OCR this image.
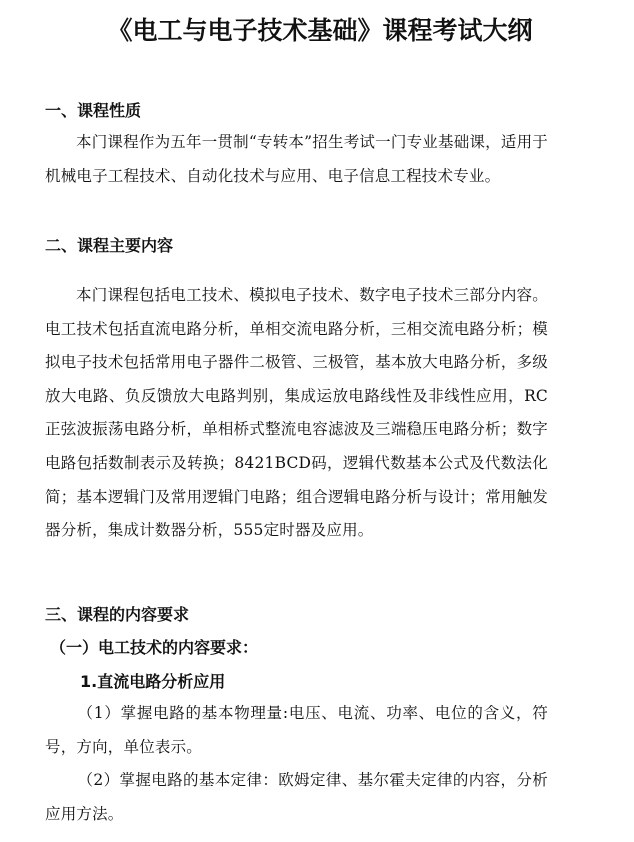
《电工与电子技术基础》课程考试大纲
一、课程性质

本门课程作为五年一贯制“专转本”招生考试一门专业基础课，适用于机械电子工程技术、自动化技术与应用、电子信息工程技术专业。

二、课程主要内容

本门课程包括电工技术、模拟电子技术、数字电子技术三部分内容。电工技术包括直流电路分析，单相交流电路分析，三相交流电路分析；模拟电子技术包括常用电子器件二极管、三极管，基本放大电路分析，多级放大电路、负反馈放大电路判别，集成运放电路线性及非线性应用，RC正弦波振荡电路分析，单相桥式整流电容滤波及三端稳压电路分析；数字电路包括数制表示及转换；8421BCD码，逻辑代数基本公式及代数法化简；基本逻辑门及常用逻辑门电路；组合逻辑电路分析与设计；常用触发器分析，集成计数器分析，555定时器及应用。

三、课程的内容要求
（一）电工技术的内容要求：
1.直流电路分析应用

（1）掌握电路的基本物理量:电压、电流、功率、电位的含义，符号，方向，单位表示。

（2）掌握电路的基本定律：欧姆定律、基尔霍夫定律的内容，分析应用方法。
